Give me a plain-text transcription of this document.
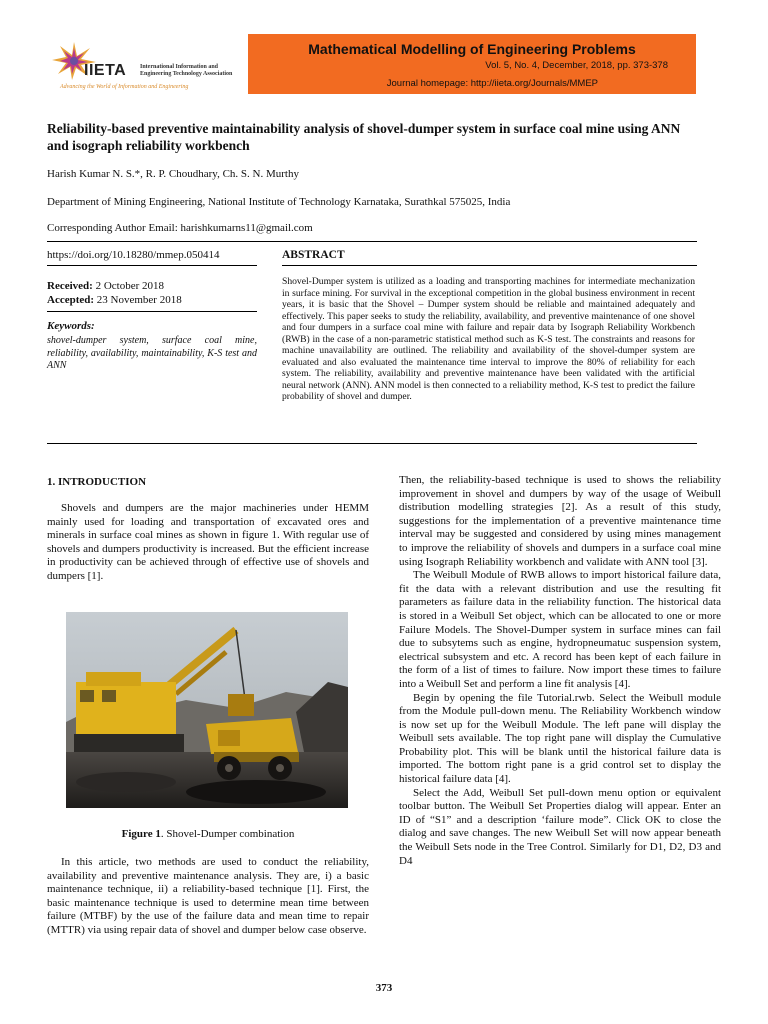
IIETA International Information and Engineering Technology Association
Advancing the World of Information and Engineering
Mathematical Modelling of Engineering Problems
Vol. 5, No. 4, December, 2018, pp. 373-378
Journal homepage: http://iieta.org/Journals/MMEP
Reliability-based preventive maintainability analysis of shovel-dumper system in surface coal mine using ANN and isograph reliability workbench
Harish Kumar N. S.*, R. P. Choudhary, Ch. S. N. Murthy
Department of Mining Engineering, National Institute of Technology Karnataka, Surathkal 575025, India
Corresponding Author Email: harishkumarns11@gmail.com
https://doi.org/10.18280/mmep.050414
Received: 2 October 2018
Accepted: 23 November 2018
Keywords:
shovel-dumper system, surface coal mine, reliability, availability, maintainability, K-S test and ANN
ABSTRACT
Shovel-Dumper system is utilized as a loading and transporting machines for intermediate mechanization in surface mining. For survival in the exceptional competition in the global business environment in recent years, it is basic that the Shovel – Dumper system should be reliable and maintained adequately and effectively. This paper seeks to study the reliability, availability, and preventive maintenance of one shovel and four dumpers in a surface coal mine with failure and repair data by Isograph Reliability Workbench (RWB) in the case of a non-parametric statistical method such as K-S test. The constraints and reasons for machine unavailability are outlined. The reliability and availability of the shovel-dumper system are evaluated and also evaluated the maintenance time interval to improve the 80% of reliability for each system. The reliability, availability and preventive maintenance have been validated with the artificial neural network (ANN). ANN model is then connected to a reliability method, K-S test to predict the failure probability of shovel and dumper.
1. INTRODUCTION
Shovels and dumpers are the major machineries under HEMM mainly used for loading and transportation of excavated ores and minerals in surface coal mines as shown in figure 1. With regular use of shovels and dumpers productivity is increased. But the efficient increase in productivity can be achieved through of effective use of shovels and dumpers [1].
Figure 1. Shovel-Dumper combination
In this article, two methods are used to conduct the reliability, availability and preventive maintenance analysis. They are, i) a basic maintenance technique, ii) a reliability-based technique [1]. First, the basic maintenance technique is used to determine mean time between failure (MTBF) by the use of the failure data and mean time to repair (MTTR) via using repair data of shovel and dumper below case observe.
Then, the reliability-based technique is used to shows the reliability improvement in shovel and dumpers by way of the usage of Weibull distribution modelling strategies [2]. As a result of this study, suggestions for the implementation of a preventive maintenance time interval may be suggested and considered by using mines management to improve the reliability of shovels and dumpers in a surface coal mine using Isograph Reliability workbench and validate with ANN tool [3].
The Weibull Module of RWB allows to import historical failure data, fit the data with a relevant distribution and use the resulting fit parameters as failure data in the reliability function. The historical data is stored in a Weibull Set object, which can be allocated to one or more Failure Models. The Shovel-Dumper system in surface mines can fail due to subsytems such as engine, hydropneumatuc suspension system, electrical subsystem and etc. A record has been kept of each failure in the form of a list of times to failure. Now import these times to failure into a Weibull Set and perform a line fit analysis [4].
Begin by opening the file Tutorial.rwb. Select the Weibull module from the Module pull-down menu. The Reliability Workbench window is now set up for the Weibull Module. The left pane will display the Weibull sets available. The top right pane will display the Cumulative Probability plot. This will be blank until the historical failure data is imported. The bottom right pane is a grid control set to display the historical failure data [4].
Select the Add, Weibull Set pull-down menu option or equivalent toolbar button. The Weibull Set Properties dialog will appear. Enter an ID of “S1” and a description ‘failure mode”. Click OK to close the dialog and save changes. The new Weibull Set will now appear beneath the Weibull Sets node in the Tree Control. Similarly for D1, D2, D3 and D4
373
